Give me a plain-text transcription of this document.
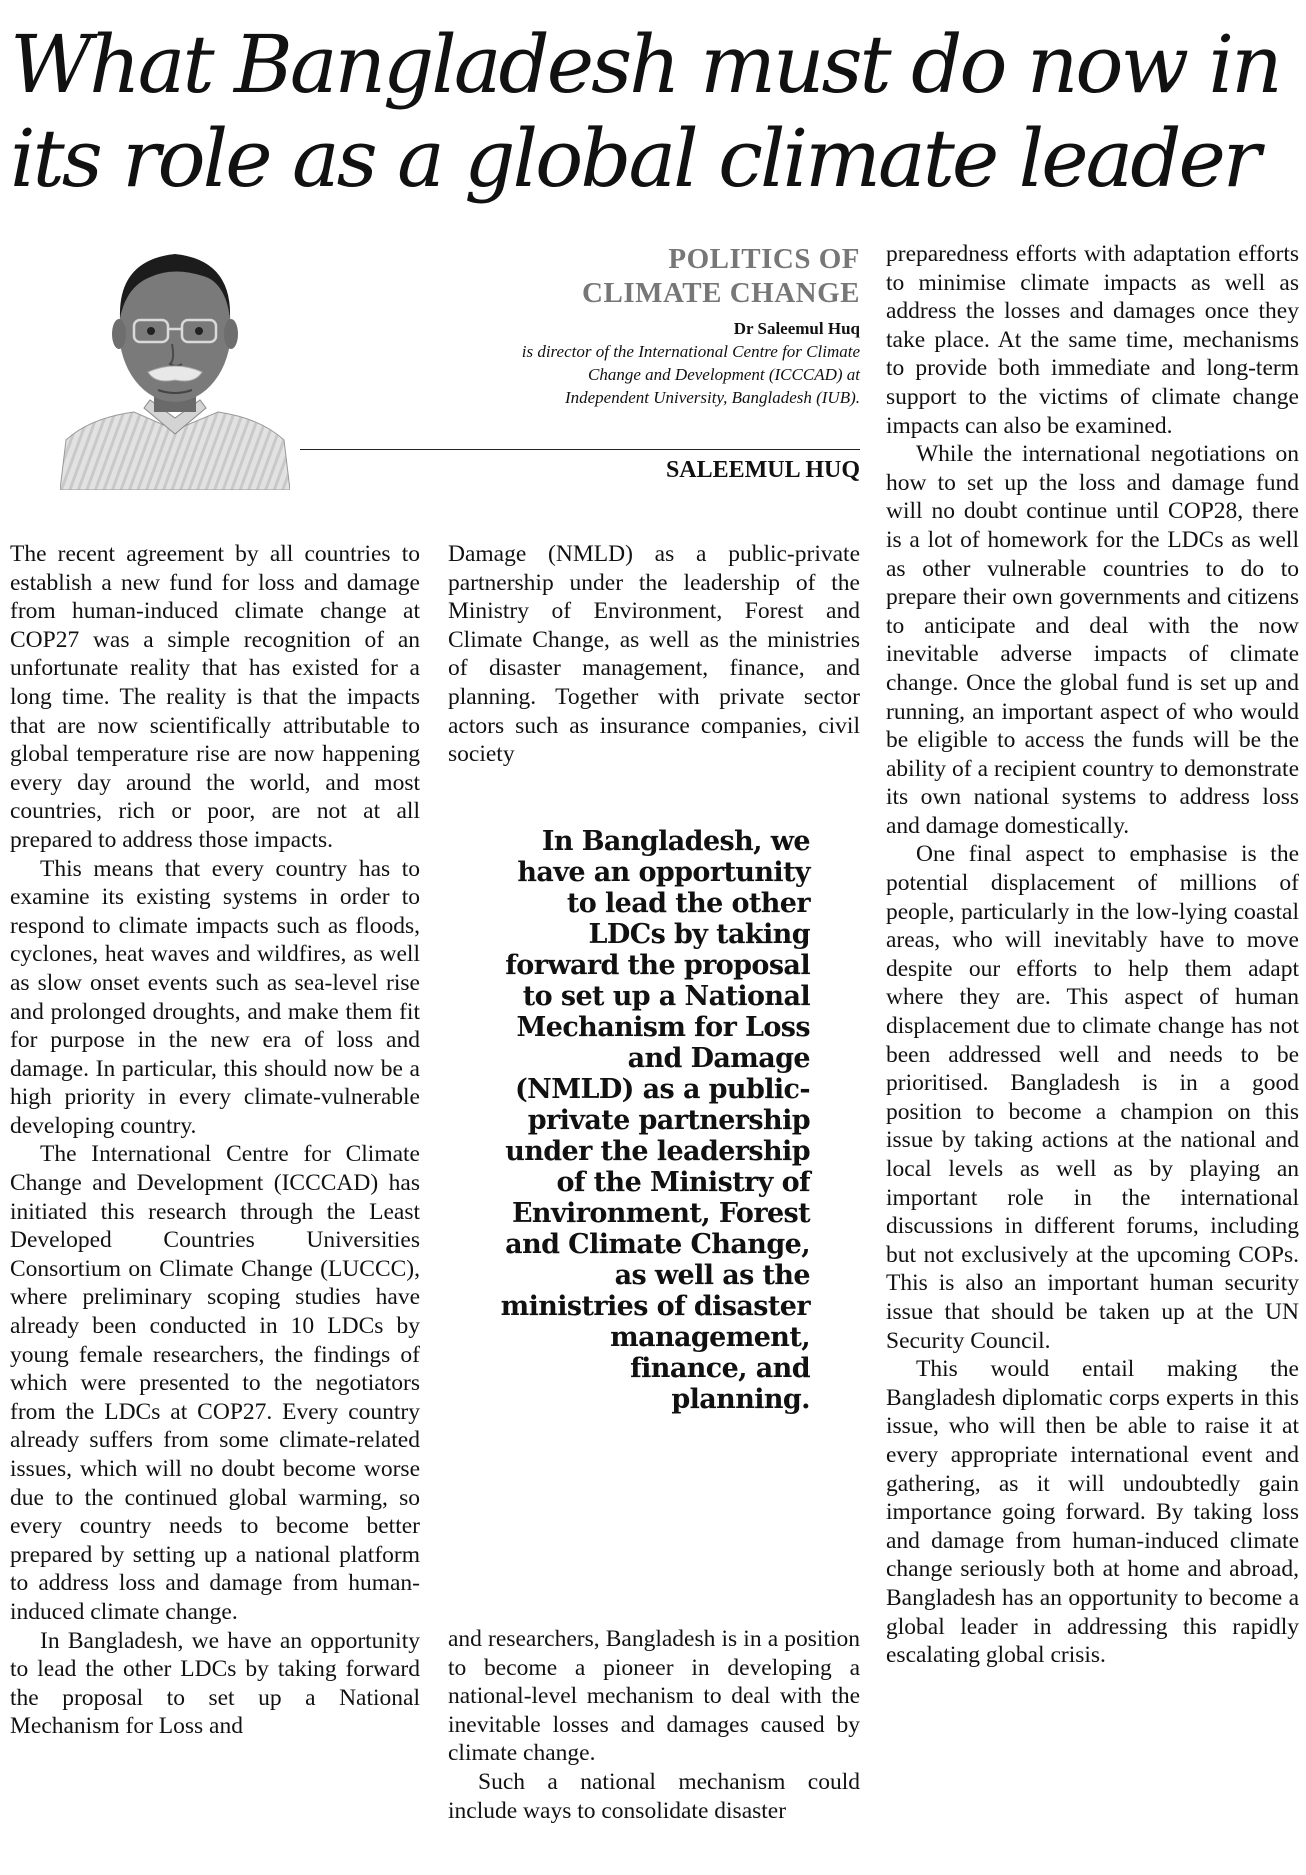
What Bangladesh must do now in its role as a global climate leader
POLITICS OF
CLIMATE CHANGE
Dr Saleemul Huq
is director of the International Centre for Climate Change and Development (ICCCAD) at Independent University, Bangladesh (IUB).
SALEEMUL HUQ

The recent agreement by all countries to establish a new fund for loss and damage from human-induced climate change at COP27 was a simple recognition of an unfortunate reality that has existed for a long time. The reality is that the impacts that are now scientifically attributable to global temperature rise are now happening every day around the world, and most countries, rich or poor, are not at all prepared to address those impacts.

This means that every country has to examine its existing systems in order to respond to climate impacts such as floods, cyclones, heat waves and wildfires, as well as slow onset events such as sea-level rise and prolonged droughts, and make them fit for purpose in the new era of loss and damage. In particular, this should now be a high priority in every climate-vulnerable developing country.

The International Centre for Climate Change and Development (ICCCAD) has initiated this research through the Least Developed Countries Universities Consortium on Climate Change (LUCCC), where preliminary scoping studies have already been conducted in 10 LDCs by young female researchers, the findings of which were presented to the negotiators from the LDCs at COP27. Every country already suffers from some climate-related issues, which will no doubt become worse due to the continued global warming, so every country needs to become better prepared by setting up a national platform to address loss and damage from human-induced climate change.

In Bangladesh, we have an opportunity to lead the other LDCs by taking forward the proposal to set up a National Mechanism for Loss and

Damage (NMLD) as a public-private partnership under the leadership of the Ministry of Environment, Forest and Climate Change, as well as the ministries of disaster management, finance, and planning. Together with private sector actors such as insurance companies, civil society

In Bangladesh, we have an opportunity to lead the other LDCs by taking forward the proposal to set up a National Mechanism for Loss and Damage (NMLD) as a public-private partnership under the leadership of the Ministry of Environment, Forest and Climate Change, as well as the ministries of disaster management, finance, and planning.

and researchers, Bangladesh is in a position to become a pioneer in developing a national-level mechanism to deal with the inevitable losses and damages caused by climate change.

Such a national mechanism could include ways to consolidate disaster

preparedness efforts with adaptation efforts to minimise climate impacts as well as address the losses and damages once they take place. At the same time, mechanisms to provide both immediate and long-term support to the victims of climate change impacts can also be examined.

While the international negotiations on how to set up the loss and damage fund will no doubt continue until COP28, there is a lot of homework for the LDCs as well as other vulnerable countries to do to prepare their own governments and citizens to anticipate and deal with the now inevitable adverse impacts of climate change. Once the global fund is set up and running, an important aspect of who would be eligible to access the funds will be the ability of a recipient country to demonstrate its own national systems to address loss and damage domestically.

One final aspect to emphasise is the potential displacement of millions of people, particularly in the low-lying coastal areas, who will inevitably have to move despite our efforts to help them adapt where they are. This aspect of human displacement due to climate change has not been addressed well and needs to be prioritised. Bangladesh is in a good position to become a champion on this issue by taking actions at the national and local levels as well as by playing an important role in the international discussions in different forums, including but not exclusively at the upcoming COPs. This is also an important human security issue that should be taken up at the UN Security Council.

This would entail making the Bangladesh diplomatic corps experts in this issue, who will then be able to raise it at every appropriate international event and gathering, as it will undoubtedly gain importance going forward. By taking loss and damage from human-induced climate change seriously both at home and abroad, Bangladesh has an opportunity to become a global leader in addressing this rapidly escalating global crisis.
